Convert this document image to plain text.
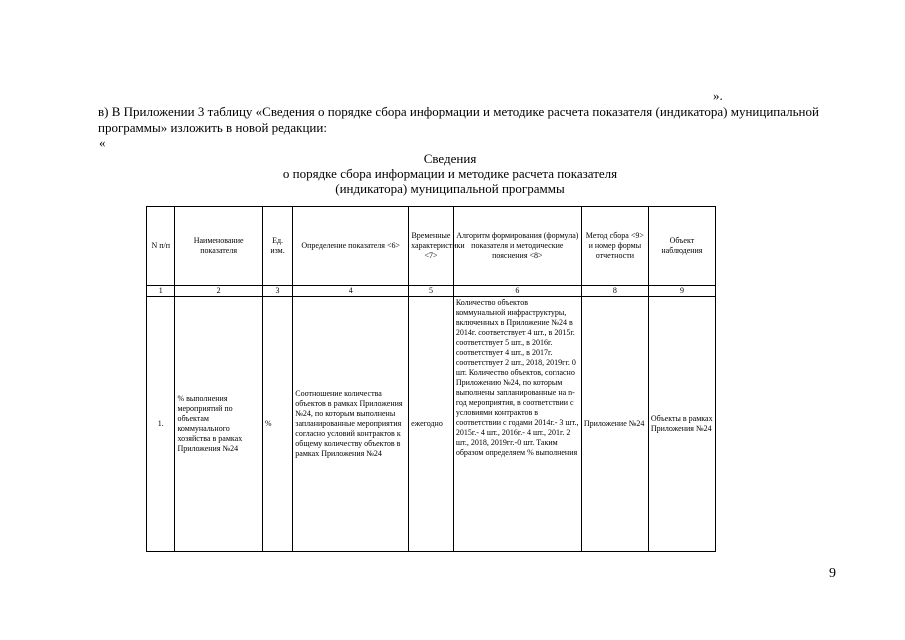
».
в) В Приложении 3 таблицу «Сведения о порядке сбора информации и методике расчета показателя (индикатора) муниципальной программы» изложить в новой редакции:
«
Сведения
о порядке сбора информации и методике расчета показателя
(индикатора) муниципальной программы
N п/п	Наименование показателя	Ед. изм.	Определение показателя <6>	Временные характеристики <7>	Алгоритм формирования (формула) показателя и методические пояснения <8>	Метод сбора <9> и номер формы отчетности	Объект наблюдения
1	2	3	4	5	6	8	9
1.	% выполнения мероприятий по объектам коммунального хозяйства в рамках Приложения №24	%	Соотношение количества объектов в рамках Приложения №24, по которым выполнены запланированные мероприятия согласно условий контрактов к общему количеству объектов в рамках Приложения №24	ежегодно	Количество объектов коммунальной инфраструктуры, включенных в Приложение №24 в 2014г. соответствует 4 шт., в 2015г. соответствует 5 шт., в 2016г. соответствует 4 шт., в 2017г. соответствует 2 шт., 2018, 2019гг. 0 шт. Количество объектов, согласно Приложению №24, по которым выполнены запланированные на n-год мероприятия, в соответствии с условиями контрактов в соответствии с годами 2014г.- 3 шт., 2015г.- 4 шт., 2016г.- 4 шт., 201г. 2 шт., 2018, 2019гг.-0 шт. Таким образом определяем % выполнения	Приложение №24	Объекты в рамках Приложения №24
9
